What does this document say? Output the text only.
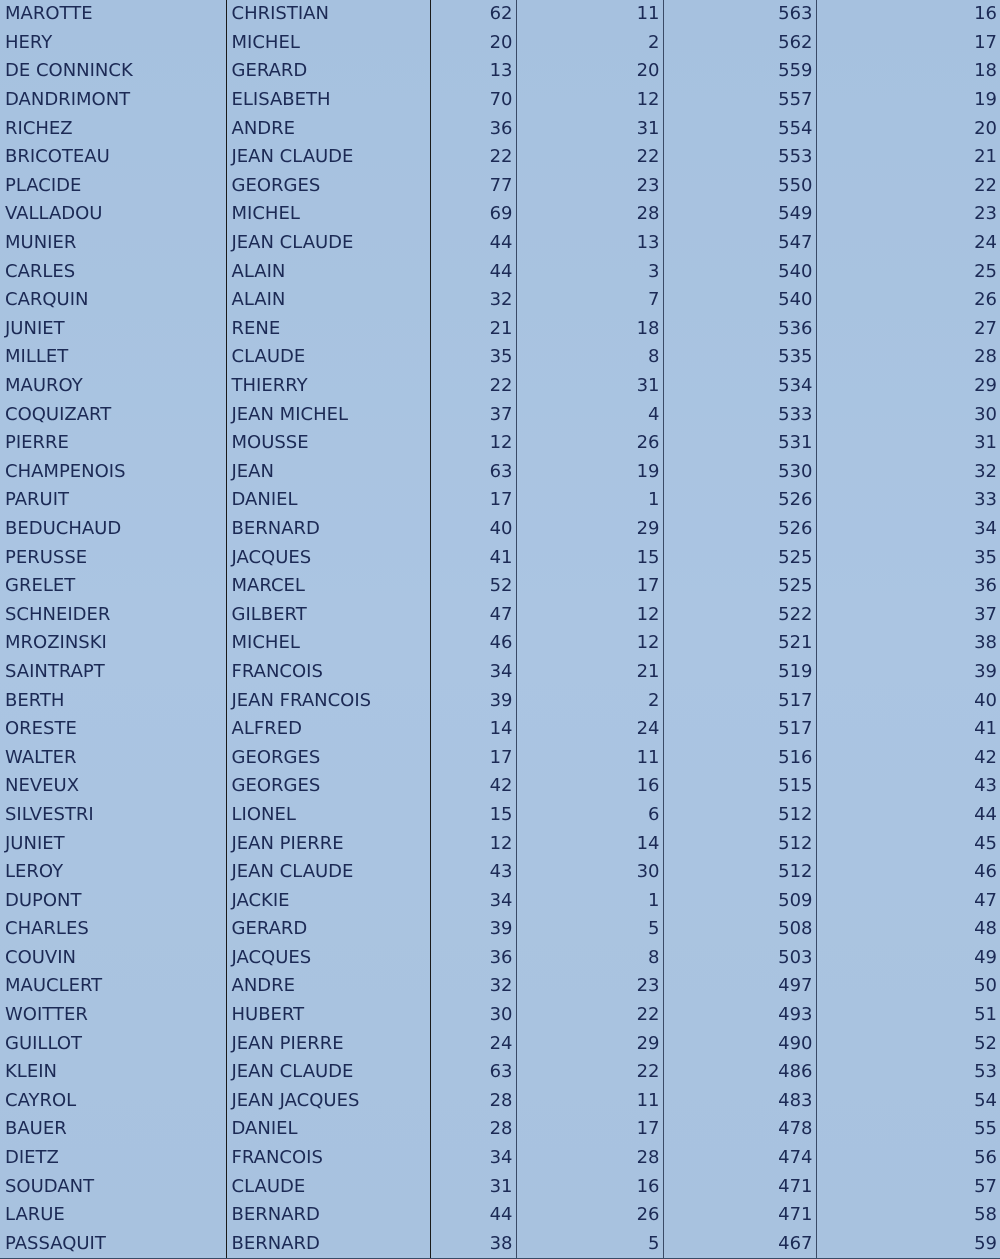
MAROTTE	CHRISTIAN	62	11	563	16
HERY	MICHEL	20	2	562	17
DE CONNINCK	GERARD	13	20	559	18
DANDRIMONT	ELISABETH	70	12	557	19
RICHEZ	ANDRE	36	31	554	20
BRICOTEAU	JEAN CLAUDE	22	22	553	21
PLACIDE	GEORGES	77	23	550	22
VALLADOU	MICHEL	69	28	549	23
MUNIER	JEAN CLAUDE	44	13	547	24
CARLES	ALAIN	44	3	540	25
CARQUIN	ALAIN	32	7	540	26
JUNIET	RENE	21	18	536	27
MILLET	CLAUDE	35	8	535	28
MAUROY	THIERRY	22	31	534	29
COQUIZART	JEAN MICHEL	37	4	533	30
PIERRE	MOUSSE	12	26	531	31
CHAMPENOIS	JEAN	63	19	530	32
PARUIT	DANIEL	17	1	526	33
BEDUCHAUD	BERNARD	40	29	526	34
PERUSSE	JACQUES	41	15	525	35
GRELET	MARCEL	52	17	525	36
SCHNEIDER	GILBERT	47	12	522	37
MROZINSKI	MICHEL	46	12	521	38
SAINTRAPT	FRANCOIS	34	21	519	39
BERTH	JEAN FRANCOIS	39	2	517	40
ORESTE	ALFRED	14	24	517	41
WALTER	GEORGES	17	11	516	42
NEVEUX	GEORGES	42	16	515	43
SILVESTRI	LIONEL	15	6	512	44
JUNIET	JEAN PIERRE	12	14	512	45
LEROY	JEAN CLAUDE	43	30	512	46
DUPONT	JACKIE	34	1	509	47
CHARLES	GERARD	39	5	508	48
COUVIN	JACQUES	36	8	503	49
MAUCLERT	ANDRE	32	23	497	50
WOITTER	HUBERT	30	22	493	51
GUILLOT	JEAN PIERRE	24	29	490	52
KLEIN	JEAN CLAUDE	63	22	486	53
CAYROL	JEAN JACQUES	28	11	483	54
BAUER	DANIEL	28	17	478	55
DIETZ	FRANCOIS	34	28	474	56
SOUDANT	CLAUDE	31	16	471	57
LARUE	BERNARD	44	26	471	58
PASSAQUIT	BERNARD	38	5	467	59
